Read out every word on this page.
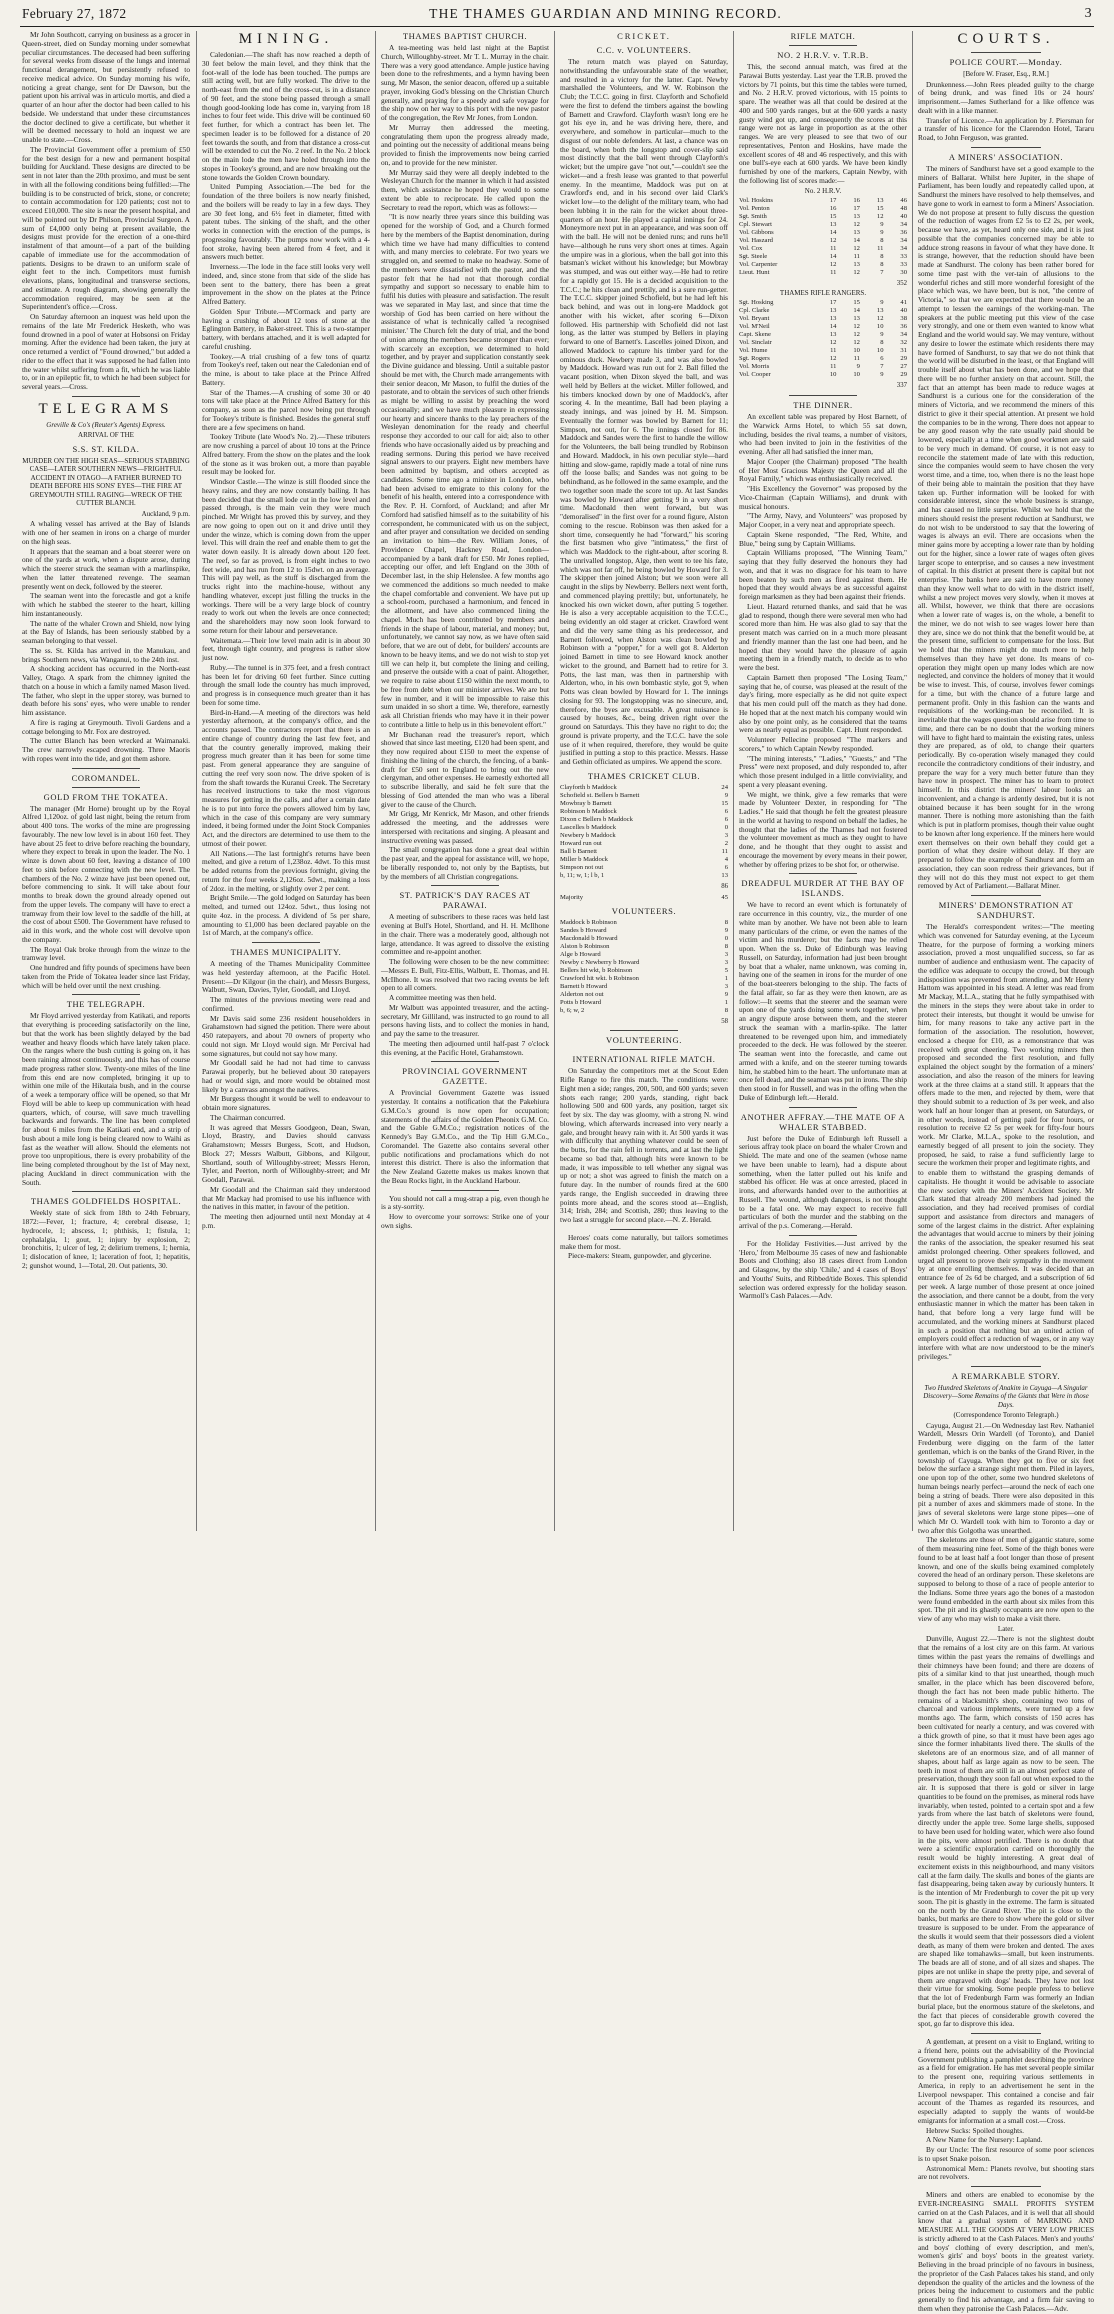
February 27, 1872	THE THAMES GUARDIAN AND MINING RECORD.	3

Mr John Southcott, carrying on business as a grocer in Queen-street, died on Sunday morning under somewhat peculiar circumstances. The deceased had been suffering for several weeks from disease of the lungs and internal functional derangement, but persistently refused to receive medical advice. On Sunday morning his wife, noticing a great change, sent for Dr Dawson, but the patient upon his arrival was in articulo mortis, and died a quarter of an hour after the doctor had been called to his bedside. We understand that under these circumstances the doctor declined to give a certificate, but whether it will be deemed necessary to hold an inquest we are unable to state.—Cross.

The Provincial Government offer a premium of £50 for the best design for a new and permanent hospital building for Auckland. These designs are directed to be sent in not later than the 20th proximo, and must be sent in with all the following conditions being fulfilled:—The building is to be constructed of brick, stone, or concrete; to contain accommodation for 120 patients; cost not to exceed £10,000. The site is near the present hospital, and will be pointed out by Dr Philson, Provincial Surgeon. A sum of £4,000 only being at present available, the designs must provide for the erection of a one-third instalment of that amount—of a part of the building capable of immediate use for the accommodation of patients. Designs to be drawn to an uniform scale of eight feet to the inch. Competitors must furnish elevations, plans, longitudinal and transverse sections, and estimate. A rough diagram, showing generally the accommodation required, may be seen at the Superintendent's office.—Cross.

On Saturday afternoon an inquest was held upon the remains of the late Mr Frederick Hesketh, who was found drowned in a pool of water at Hobsonsi on Friday morning. After the evidence had been taken, the jury at once returned a verdict of "Found drowned," but added a rider to the effect that it was supposed he had fallen into the water whilst suffering from a fit, which he was liable to, or in an epileptic fit, to which he had been subject for several years.—Cross.

TELEGRAMS
Greville & Co's (Reuter's Agents) Express.
ARRIVAL OF THE
S.S. ST. KILDA.
MURDER ON THE HIGH SEAS—SERIOUS STABBING CASE—LATER SOUTHERN NEWS—FRIGHTFUL ACCIDENT IN OTAGO—A FATHER BURNED TO DEATH BEFORE HIS SONS' EYES—THE FIRE AT GREYMOUTH STILL RAGING—WRECK OF THE CUTTER BLANCH.
Auckland, 9 p.m.

A whaling vessel has arrived at the Bay of Islands with one of her seamen in irons on a charge of murder on the high seas.

It appears that the seaman and a boat steerer were on one of the yards at work, when a dispute arose, during which the steerer struck the seaman with a marlinspike, when the latter threatened revenge. The seaman presently went on deck, followed by the steerer.

The seaman went into the forecastle and got a knife with which he stabbed the steerer to the heart, killing him instantaneously.

The natte of the whaler Crown and Shield, now lying at the Bay of Islands, has been seriously stabbed by a seaman belonging to that vessel.

The ss. St. Kilda has arrived in the Manukau, and brings Southern news, via Wanganui, to the 24th inst.

A shocking accident has occurred in the North-east Valley, Otago. A spark from the chimney ignited the thatch on a house in which a family named Mason lived. The father, who slept in the upper storey, was burned to death before his sons' eyes, who were unable to render him assistance.

A fire is raging at Greymouth. Tivoli Gardens and a cottage belonging to Mr. Fox are destroyed.

The cutter Blanch has been wrecked at Waimanaki. The crew narrowly escaped drowning. Three Maoris with ropes went into the tide, and got them ashore.

COROMANDEL.
GOLD FROM THE TOKATEA.

The manager (Mr Horne) brought up by the Royal Alfred 1,120oz. of gold last night, being the return from about 400 tons. The works of the mine are progressing favourably. The new low level is in about 160 feet. They have about 25 feet to drive before reaching the boundary, where they expect to break in upon the leader. The No. 1 winze is down about 60 feet, leaving a distance of 100 feet to sink before connecting with the new level. The chambers of the No. 2 winze have just been opened out, before commencing to sink. It will take about four months to break down the ground already opened out from the upper levels. The company will have to erect a tramway from their low level to the saddle of the hill, at the cost of about £500. The Government have refused to aid in this work, and the whole cost will devolve upon the company.

The Royal Oak broke through from the winze to the tramway level.

One hundred and fifty pounds of specimens have been taken from the Pride of Tokatea leader since last Friday, which will be held over until the next crushing.

THE TELEGRAPH.

Mr Floyd arrived yesterday from Katikati, and reports that everything is proceeding satisfactorily on the line, but that the work has been slightly delayed by the bad weather and heavy floods which have lately taken place. On the ranges where the bush cutting is going on, it has been raining almost continuously, and this has of course made progress rather slow. Twenty-one miles of the line from this end are now completed, bringing it up to within one mile of the Hikutaia bush, and in the course of a week a temporary office will be opened, so that Mr Floyd will be able to keep up communication with head quarters, which, of course, will save much travelling backwards and forwards. The line has been completed for about 6 miles from the Katikati end, and a strip of bush about a mile long is being cleared now to Waihi as fast as the weather will allow. Should the elements not prove too unpropitious, there is every probability of the line being completed throughout by the 1st of May next, placing Auckland in direct communication with the South.

THAMES GOLDFIELDS HOSPITAL.

Weekly state of sick from 18th to 24th February, 1872:—Fever, 1; fracture, 4; cerebral disease, 1; hydrocele, 1; abscess, 1; phthisis, 1; fistula, 1; cephalalgia, 1; gout, 1; injury by explosion, 2; bronchitis, 1; ulcer of leg, 2; delirium tremens, 1; hernia, 1; dislocation of knee, 1; laceration of foot, 1; hepatitis, 2; gunshot wound, 1—Total, 20. Out patients, 30.

MINING.

Caledonian.—The shaft has now reached a depth of 30 feet below the main level, and they think that the foot-wall of the lode has been touched. The pumps are still acting well, but are fully worked. The drive to the north-east from the end of the cross-cut, is in a distance of 90 feet, and the stone being passed through a small though good-looking lode has come in, varying from 18 inches to four feet wide. This drive will be continued 60 feet further, for which a contract has been let. The specimen leader is to be followed for a distance of 20 feet towards the south, and from that distance a cross-cut will be extended to cut the No. 2 reef. In the No. 2 block on the main lode the men have holed through into the stopes in Tookey's ground, and are now breaking out the stone towards the Golden Crown boundary.

United Pumping Association.—The bed for the foundation of the three boilers is now nearly finished, and the boilers will be ready to lay in a few days. They are 30 feet long, and 6½ feet in diameter, fitted with patent tubes. The sinking of the shaft, and the other works in connection with the erection of the pumps, is progressing favourably. The pumps now work with a 4-foot stroke, having been altered from 4 feet, and it answers much better.

Inverness.—The lode in the face still looks very well indeed, and, since stone from that side of the slide has been sent to the battery, there has been a great improvement in the show on the plates at the Prince Alfred Battery.

Golden Spur Tribute.—M'Cormack and party are having a crushing of about 12 tons of stone at the Eglington Battery, in Baker-street. This is a two-stamper battery, with berdans attached, and it is well adapted for careful crushing.

Tookey.—A trial crushing of a few tons of quartz from Tookey's reef, taken out near the Caledonian end of the mine, is about to take place at the Prince Alfred Battery.

Star of the Thames.—A crushing of some 30 or 40 tons will take place at the Prince Alfred Battery for this company, as soon as the parcel now being put through for Tookey's tribute is finished. Besides the general stuff there are a few specimens on hand.

Tookey Tribute (late Wood's No. 2).—These tributers are now crushing a parcel of about 10 tons at the Prince Alfred battery. From the show on the plates and the look of the stone as it was broken out, a more than payable result may be looked for.

Windsor Castle.—The winze is still flooded since the heavy rains, and they are now constantly bailing. It has been decided that the small lode cut in the low level and passed through, is the main vein they were much pinched. Mr Wright has proved this by survey, and they are now going to open out on it and drive until they under the winze, which is coming down from the upper level. This will drain the reef and enable them to get the water down easily. It is already down about 120 feet. The reef, so far as proved, is from eight inches to two feet wide, and has run from 12 to 15dwt. on an average. This will pay well, as the stuff is discharged from the trucks right into the machine-house, without any handling whatever, except just filling the trucks in the workings. There will be a very large block of country ready to work out when the levels are once connected; and the shareholders may now soon look forward to some return for their labour and perseverance.

Waitemata.—Their low level main adit is in about 30 feet, through tight country, and progress is rather slow just now.

Ruby.—The tunnel is in 375 feet, and a fresh contract has been let for driving 60 feet further. Since cutting through the small lode the country has much improved, and progress is in consequence much greater than it has been for some time.

Bird-in-Hand.—A meeting of the directors was held yesterday afternoon, at the company's office, and the accounts passed. The contractors report that there is an entire change of country during the last few feet, and that the country generally improved, making their progress much greater than it has been for some time past. From general appearance they are sanguine of cutting the reef very soon now. The drive spoken of is from the shaft towards the Kuranui Creek. The Secretary has received instructions to take the most vigorous measures for getting in the calls, and after a certain date he is to put into force the powers allowed him by law, which in the case of this company are very summary indeed, it being formed under the Joint Stock Companies Act, and the directors are determined to use them to the utmost of their power.

All Nations.—The last fortnight's returns have been melted, and give a return of 1,238oz. 4dwt. To this must be added returns from the previous fortnight, giving the return for the four weeks 2,126oz. 5dwt., making a loss of 2doz. in the melting, or slightly over 2 per cent.

Bright Smile.—The gold lodged on Saturday has been melted, and turned out 124oz. 5dwt., thus losing not quite 4oz. in the process. A dividend of 5s per share, amounting to £1,000 has been declared payable on the 1st of March, at the company's office.

THAMES MUNICIPALITY.

A meeting of the Thames Municipality Committee was held yesterday afternoon, at the Pacific Hotel. Present:—Dr Kilgour (in the chair), and Messrs Burgess, Walbutt, Swan, Davies, Tyler, Goodall, and Lloyd.

The minutes of the previous meeting were read and confirmed.

Mr Davis said some 236 resident householders in Grahamstown had signed the petition. There were about 450 ratepayers, and about 70 owners of property who could not sign. Mr Lloyd would sign. Mr Percival had some signatures, but could not say how many.

Mr Goodall said he had not had time to canvass Parawai properly, but he believed about 30 ratepayers had or would sign, and more would be obtained most likely by a canvass amongst the natives.

Mr Burgess thought it would be well to endeavour to obtain more signatures.

The Chairman concurred.

It was agreed that Messrs Goodgeon, Dean, Swan, Lloyd, Brastry, and Davies should canvass Grahamstown; Messrs Burgess, Scott, and Hudson, Block 27; Messrs Walbutt, Gibbons, and Kilgour, Shortland, south of Willoughby-street; Messrs Heron, Tyler, and Peerton, north of Willoughby-street; and Mr Goodall, Parawai.

Mr Goodall and the Chairman said they understood that Mr Mackay had promised to use his influence with the natives in this matter, in favour of the petition.

The meeting then adjourned until next Monday at 4 p.m.

THAMES BAPTIST CHURCH.

A tea-meeting was held last night at the Baptist Church, Willoughby-street. Mr T. L. Murray in the chair. There was a very good attendance. Ample justice having been done to the refreshments, and a hymn having been sung, Mr Mason, the senior deacon, offered up a suitable prayer, invoking God's blessing on the Christian Church generally, and praying for a speedy and safe voyage for the ship now on her way to this port with the new pastor of the congregation, the Rev Mr Jones, from London.

Mr Murray then addressed the meeting, congratulating them upon the progress already made, and pointing out the necessity of additional means being provided to finish the improvements now being carried on, and to provide for the new minister.

Mr Murray said they were all deeply indebted to the Wesleyan Church for the manner in which it had assisted them, which assistance he hoped they would to some extent be able to reciprocate. He called upon the Secretary to read the report, which was as follows:—

"It is now nearly three years since this building was opened for the worship of God, and a Church formed here by the members of the Baptist denomination, during which time we have had many difficulties to contend with, and many mercies to celebrate. For two years we struggled on, and seemed to make no headway. Some of the members were dissatisfied with the pastor, and the pastor felt that he had not that thorough cordial sympathy and support so necessary to enable him to fulfil his duties with pleasure and satisfaction. The result was we separated in May last, and since that time the worship of God has been carried on here without the assistance of what is technically called 'a recognised minister.' The Church felt the duty of trial, and the bond of union among the members became stronger than ever; with scarcely an exception, we determined to hold together, and by prayer and supplication constantly seek the Divine guidance and blessing. Until a suitable pastor should be met with, the Church made arrangements with their senior deacon, Mr Mason, to fulfil the duties of the pastorate, and to obtain the services of such other friends as might be willing to assist by preaching the word occasionally; and we have much pleasure in expressing our hearty and sincere thanks to the lay preachers of the Wesleyan denomination for the ready and cheerful response they accorded to our call for aid; also to other friends who have occasionally aided us by preaching and reading sermons. During this period we have received signal answers to our prayers. Eight new members have been admitted by baptism, and others accepted as candidates. Some time ago a minister in London, who had been advised to emigrate to this colony for the benefit of his health, entered into a correspondence with the Rev. P. H. Cornford, of Auckland; and after Mr Cornford had satisfied himself as to the suitability of his correspondent, he communicated with us on the subject, and after prayer and consultation we decided on sending an invitation to him—the Rev. William Jones, of Providence Chapel, Hackney Road, London—accompanied by a bank draft for £50. Mr Jones replied, accepting our offer, and left England on the 30th of December last, in the ship Helenslee. A few months ago we commenced the additions so much needed to make the chapel comfortable and convenient. We have put up a school-room, purchased a harmonium, and fenced in the allotment, and have also commenced lining the chapel. Much has been contributed by members and friends in the shape of labour, material, and money; but, unfortunately, we cannot say now, as we have often said before, that we are out of debt, for builders' accounts are known to be heavy items, and we do not wish to stop yet till we can help it, but complete the lining and ceiling, and preserve the outside with a coat of paint. Altogether, we require to raise about £150 within the next month, to be free from debt when our minister arrives. We are but few in number, and it will be impossible to raise this sum unaided in so short a time. We, therefore, earnestly ask all Christian friends who may have it in their power to contribute a little to help us in this benevolent effort."

Mr Buchanan read the treasurer's report, which showed that since last meeting, £120 had been spent, and they now required about £150 to meet the expense of finishing the lining of the church, the fencing, of a bank-draft for £50 sent to England to bring out the new clergyman, and other expenses. He earnestly exhorted all to subscribe liberally, and said he felt sure that the blessing of God attended the man who was a liberal giver to the cause of the Church.

Mr Grigg, Mr Kenrick, Mr Mason, and other friends addressed the meeting, and the addresses were interspersed with recitations and singing. A pleasant and instructive evening was passed.

The small congregation has done a great deal within the past year, and the appeal for assistance will, we hope, be liberally responded to, not only by the Baptists, but by the members of all Christian congregations.

ST. PATRICK'S DAY RACES AT PARAWAI.

A meeting of subscribers to these races was held last evening at Bull's Hotel, Shortland, and H. H. McIlhone in the chair. There was a moderately good, although not large, attendance. It was agreed to dissolve the existing committee and re-appoint another.

The following were chosen to be the new committee:—Messrs E. Bull, Fitz-Ellis, Walbutt, E. Thomas, and H. McIlhone. It was resolved that two racing events be left open to all comers.

A committee meeting was then held.

Mr Walbutt was appointed treasurer, and the acting-secretary, Mr Gilliland, was instructed to go round to all persons having lists, and to collect the monies in hand, and pay the same to the treasurer.

The meeting then adjourned until half-past 7 o'clock this evening, at the Pacific Hotel, Grahamstown.

PROVINCIAL GOVERNMENT GAZETTE.

A Provincial Government Gazette was issued yesterday. It contains a notification that the Pakehiura G.M.Co.'s ground is now open for occupation; statements of the affairs of the Golden Pheonix G.M. Co. and the Gable G.M.Co.; registration notices of the Kennedy's Bay G.M.Co., and the Tip Hill G.M.Co., Coromandel. The Gazette also contains several other public notifications and proclamations which do not interest this district. There is also the information that the New Zealand Gazette makes us makes known that the Beau Rocks light, in the Auckland Harbour.

You should not call a mug-strap a pig, even though he is a sty-sorrity.

How to overcome your sorrows: Strike one of your own sighs.

CRICKET.
C.C. v. VOLUNTEERS.

The return match was played on Saturday, notwithstanding the unfavourable state of the weather, and resulted in a victory for the latter. Capt. Newby marshalled the Volunteers, and W. W. Robinson the Club; the T.C.C. going in first. Clayforth and Schofield were the first to defend the timbers against the bowling of Barnett and Crawford. Clayforth wasn't long ere he got his eye in, and he was driving here, there, and everywhere, and somehow in particular—much to the disgust of our noble defenders. At last, a chance was on the board, when both the longstop and cover-slip said most distinctly that the ball went through Clayforth's wicket; but the umpire gave "not out,"—couldn't see the wicket—and a fresh lease was granted to that powerful enemy. In the meantime, Maddock was put on at Crawford's end, and in his second over laid Clark's wicket low—to the delight of the military team, who had been lubbing it in the rain for the wicket about three-quarters of an hour. He played a capital innings for 24. Moneymore next put in an appearance, and was soon off with the ball. He will not be denied runs; and runs he'll have—although he runs very short ones at times. Again the umpire was in a glorious, when the ball got into this batsman's wicket without his knowledge; but Mowbray was stumped, and was out either way.—He had to retire for a rapidly got 15. He is a decided acquisition to the T.C.C.; he hits clean and prettily, and is a sure run-getter. The T.C.C. skipper joined Schofield, but he had left his back behind, and was out in long-ere Maddock got another with his wicket, after scoring 6—Dixon followed. His partnership with Schofield did not last long, as the latter was stumped by Bellers in playing forward to one of Barnett's. Lascelles joined Dixon, and allowed Maddock to capture his timber yard for the ominous duck. Newbery made 3, and was also bowled by Maddock. Howard was run out for 2. Ball filled the vacant position, when Dixon skyed the ball, and was well held by Bellers at the wicket. Miller followed, and his timbers knocked down by one of Maddock's, after scoring 4. In the meantime, Ball had been playing a steady innings, and was joined by H. M. Simpson. Eventually the former was bowled by Barnett for 11; Simpson, not out, for 6. The innings closed for 86. Maddock and Sandes were the first to handle the willow for the Volunteers, the ball being trundled by Robinson and Howard. Maddock, in his own peculiar style—hard hitting and slow-game, rapidly made a total of nine runs off the loose balls; and Sandes was not going to be behindhand, as he followed in the same example, and the two together soon made the score tot up. At last Sandes was bowled by Howard after getting 9 in a very short time. Macdonald then went forward, but was "demoralised" in the first over for a round figure, Alston coming to the rescue. Robinson was then asked for a short time, consequently he had "forward," his scoring the first batsmen who give "intimatess," the first of which was Maddock to the right-about, after scoring 8. The unrivalled longstop, Alge, then went to tee his fate, which was not far off, he being bowled by Howard for 3. The skipper then joined Alston; but we soon were all caught in the slips by Newberry. Bellers next went forth, and commenced playing prettily; but, unfortunately, he knocked his own wicket down, after putting 5 together. He is also a very acceptable acquisition to the T.C.C., being evidently an old stager at cricket. Crawford went and did the very same thing as his predecessor, and Barnett followed, when Alston was clean bowled by Robinson with a "popper," for a well got 8. Alderton joined Barnett in time to see Howard knock another wicket to the ground, and Barnett had to retire for 3. Potts, the last man, was then in partnership with Alderton, who, in his own bombastic style, got 9, when Potts was clean bowled by Howard for 1. The innings closing for 93. The longstopping was no sinecure, and, therefore, the byes are excusable. A great nuisance is caused by houses, &c., being driven right over the ground on Saturdays. This they have no right to do; the ground is private property, and the T.C.C. have the sole use of it when required, therefore, they would be quite justified in putting a stop to this practice. Messrs. Hasse and Gethin officiated as umpires. We append the score.

THAMES CRICKET CLUB.
Clayforth b Maddock	24
Schofield st. Bellers b Barnett	9
Mowbray b Barnett	15
Robinson b Maddock	6
Dixon c Bellers b Maddock	6
Lascelles b Maddock	0
Newbery b Maddock	3
Howard run out	2
Ball b Barnett	11
Miller b Maddock	4
Simpson not out	6
b, 11; w, 1; l b, 1	13
86
Majority	45
VOLUNTEERS.
Maddock b Robinson	8
Sandes b Howard	9
Macdonald b Howard	0
Alston b Robinson	8
Alge b Howard	3
Newby c Newberry b Howard	3
Bellers hit wkt, b Robinson	5
Crawford hit wkt. b Robinson	1
Barnett b Howard	3
Alderton not out	9
Potts b Howard	1
b, 6; w, 2	8
58
VOLUNTEERING.
INTERNATIONAL RIFLE MATCH.

On Saturday the competitors met at the Scout Eden Rifle Range to fire this match. The conditions were: Eight men a side; ranges, 200, 500, and 600 yards; seven shots each range; 200 yards, standing, right back hollowing 500 and 600 yards, any position, target six feet by six. The day was gloomy, with a strong N. wind blowing, which afterwards increased into very nearly a gale, and brought heavy rain with it. At 500 yards it was with difficulty that anything whatever could be seen of the butts, for the rain fell in torrents, and at last the light became so bad that, although hits were known to be made, it was impossible to tell whether any signal was up or not; a shot was agreed to finish the match on a future day. In the number of rounds fired at the 600 yards range, the English succeeded in drawing three points more ahead, and the scores stood at—English, 314; Irish, 284; and Scottish, 280; thus leaving to the two last a struggle for second place.—N. Z. Herald.

Heroes' coats come naturally, but tailors sometimes make them for most.

Piece-makers: Steam, gunpowder, and glycerine.

RIFLE MATCH.
NO. 2 H.R.V. v. T.R.B.

This, the second annual match, was fired at the Parawai Butts yesterday. Last year the T.R.B. proved the victors by 71 points, but this time the tables were turned, and No. 2 H.R.V. proved victorious, with 15 points to spare. The weather was all that could be desired at the 400 and 500 yards ranges, but at the 600 yards a nasty gusty wind got up, and consequently the scores at this range were not as large in proportion as at the other ranges. We are very pleased to see that two of our representatives, Penton and Hoskins, have made the excellent scores of 48 and 46 respectively, and this with one bull's-eye each at 600 yards. We have been kindly furnished by one of the markers, Captain Newby, with the following list of scores made:—

No. 2 H.R.V.
Vol. Hoskins	17	16	13	46
Vol. Penton	16	17	15	48
Sgt. Smith	15	13	12	40
Cpl. Stewart	13	12	9	34
Vol. Gibbons	14	13	9	36
Vol. Haszard	12	14	8	34
Vol. Cox	11	12	11	34
Sgt. Steele	14	11	8	33
Vol. Carpenter	12	13	8	33
Lieut. Hunt	11	12	7	30
352
THAMES RIFLE RANGERS.
Sgt. Hosking	17	15	9	41
Cpl. Clarke	13	14	13	40
Vol. Bryant	13	13	12	38
Vol. M'Neil	14	12	10	36
Capt. Skene	13	12	9	34
Vol. Sinclair	12	12	8	32
Vol. Hume	11	10	10	31
Sgt. Rogers	12	11	6	29
Vol. Morris	11	9	7	27
Vol. Cooper	10	10	9	29
337
THE DINNER.

An excellent table was prepared by Host Barnett, of the Warwick Arms Hotel, to which 55 sat down, including, besides the rival teams, a number of visitors, who had been invited to join in the festivities of the evening. After all had satisfied the inner man,

Major Cooper (the Chairman) proposed "The health of Her Most Gracious Majesty the Queen and all the Royal Family," which was enthusiastically received.

"His Excellency the Governor" was proposed by the Vice-Chairman (Captain Williams), and drunk with musical honours.

"The Army, Navy, and Volunteers" was proposed by Major Cooper, in a very neat and appropriate speech.

Captain Skene responded, "The Red, White, and Blue," being sung by Captain Williams.

Captain Williams proposed, "The Winning Team," saying that they fully deserved the honours they had won, and that it was no disgrace for his team to have been beaten by such men as fired against them. He hoped that they would always be as successful against foreign marksmen as they had been against their friends.

Lieut. Hazard returned thanks, and said that he was glad to respond, though there were several men who had scored more than him. He was also glad to say that the present match was carried on in a much more pleasant and friendly manner than the last one had been, and he hoped that they would have the pleasure of again meeting them in a friendly match, to decide as to who were the best.

Captain Barnett then proposed "The Losing Team," saying that he, of course, was pleased at the result of the day's firing, more especially as he did not quite expect that his men could pull off the match as they had done. He hoped that at the next match his company would win also by one point only, as he considered that the teams were as nearly equal as possible. Capt. Hunt responded.

Volunteer Pellecine proposed "The markers and scorers," to which Captain Newby responded.

"The mining interests," "Ladies," "Guests," and "The Press" were next proposed, and duly responded to, after which those present indulged in a little conviviality, and spent a very pleasant evening.

We might, we think, give a few remarks that were made by Volunteer Dexter, in responding for "The Ladies." He said that though he felt the greatest pleasure in the world at having to respond on behalf the ladies, he thought that the ladies of the Thames had not fostered the volunteer movement as much as they ought to have done, and he thought that they ought to assist and encourage the movement by every means in their power, whether by offering prizes to be shot for, or otherwise.

DREADFUL MURDER AT THE BAY OF ISLANDS.

We have to record an event which is fortunately of rare occurrence in this country, viz., the murder of one white man by another. We have not been able to learn many particulars of the crime, or even the names of the victim and his murderer; but the facts may be relied upon. When the ss. Duke of Edinburgh was leaving Russell, on Saturday, information had just been brought by boat that a whaler, name unknown, was coming in, having one of the seamen in irons for the murder of one of the boat-steerers belonging to the ship. The facts of the fatal affair, so far as they were then known, are as follow:—It seems that the steerer and the seaman were upon one of the yards doing some work together, when an angry dispute arose between them, and the steerer struck the seaman with a marlin-spike. The latter threatened to be revenged upon him, and immediately proceeded to the deck. He was followed by the steerer. The seaman went into the forecastle, and came out armed with a knife, and on the steerer turning towards him, he stabbed him to the heart. The unfortunate man at once fell dead, and the seaman was put in irons. The ship then stood in for Russell, and was in the offing when the Duke of Edinburgh left.—Herald.

ANOTHER AFFRAY.—THE MATE OF A WHALER STABBED.

Just before the Duke of Edinburgh left Russell a serious affray took place on board the whaler Crown and Shield. The mate and one of the seamen (whose name we have been unable to learn), had a dispute about something, when the latter pulled out his knife and stabbed his officer. He was at once arrested, placed in irons, and afterwards handed over to the authorities at Russell. The wound, although dangerous, is not thought to be a fatal one. We may expect to receive full particulars of both the murder and the stabbing on the arrival of the p.s. Comerang.—Herald.

For the Holiday Festivities.—Just arrived by the 'Hero,' from Melbourne 35 cases of new and fashionable Boots and Clothing; also 18 cases direct from London and Glasgow, by the ship 'Chile,' and 4 cases of Boys' and Youths' Suits, and Ribbed/tide Boxes. This splendid selection was ordered expressly for the holiday season. Warmoll's Cash Palaces.—Adv.

COURTS.
POLICE COURT.—Monday.
[Before W. Fraser, Esq., R.M.]

Drunkenness.—John Rees pleaded guilty to the charge of being drunk, and was fined 10s or 24 hours' imprisonment.—James Sutherland for a like offence was dealt with in a like manner.

Transfer of Licence.—An application by J. Piersman for a transfer of his licence for the Clarendon Hotel, Tararu Road, to John Ferguson, was granted.

A MINERS' ASSOCIATION.

The miners of Sandhurst have set a good example to the miners of Ballarat. Whilst here Jupiter, in the shape of Parliament, has been loudly and repeatedly called upon, at Sandhurst the miners have resolved to help themselves, and have gone to work in earnest to form a Miners' Association. We do not propose at present to fully discuss the question of the reduction of wages from £2 5s to £2 2s, per week, because we have, as yet, heard only one side, and it is just possible that the companies concerned may be able to adduce strong reasons in favour of what they have done. It is strange, however, that the reduction should have been made at Sandhurst. The colony has been rather bored for some time past with the ver-tain of allusions to the wonderful riches and still more wonderful foresight of the place which was, we have been, but is not, "the centre of Victoria," so that we are expected that there would be an attempt to lessen the earnings of the working-man. The speakers at the public meeting put this view of the case very strongly, and one or them even wanted to know what England and the world would say. We may venture, without any desire to lower the estimate which residents there may have formed of Sandhurst, to say that we do not think that the world will be disturbed in the least, or that England will trouble itself about what has been done, and we hope that there will be no further anxiety on that account. Still, the fact that an attempt has been made to reduce wages at Sandhurst is a curious one for the consideration of the miners of Victoria, and we recommend the miners of this district to give it their special attention. At present we hold the companies to be in the wrong. There does not appear to be any good reason why the rate usually paid should be lowered, especially at a time when good workmen are said to be very much in demand. Of course, it is not easy to reconcile the statement made of late with this reduction, since the companies would seem to have chosen the very worst time, and a time, too, when there is no the least hope of their being able to maintain the position that they have taken up. Further information will be looked for with considerable interest, since the whole business is strange, and has caused no little surprise. Whilst we hold that the miners should resist the present reduction at Sandhurst, we do not wish to be understood to say that the lowering of wages is always an evil. There are occasions when the miner gains more by accepting a lower rate than by holding out for the higher, since a lower rate of wages often gives larger scope to enterprise, and so causes a new investment of capital. In this district at present there is capital but not enterprise. The banks here are said to have more money than they know well what to do with in the district itself, whilst a new project moves very slowly, when it moves at all. Whilst, however, we think that there are occasions when a lower rate of wages is, on the whole, a benefit to the miner, we do not wish to see wages lower here than they are, since we do not think that the benefit would be, at the present time, sufficient to compensate for the loss. But we hold that the miners might do much more to help themselves than they have yet done. Its means of co-operation they might open up many lodes which are now neglected, and convince the holders of money that it would be wise to invest. This, of course, involves fewer comings for a time, but with the chance of a future large and permanent profit. Only in this fashion can the wants and requisitions of the working-man be reconciled. It is inevitable that the wages question should arise from time to time, and there can be no doubt that the working miners will have to fight hard to maintain the existing rates, unless they are prepared, as of old, to change their quarters periodically. By co-operation wisely managed they could reconcile the contradictory conditions of their industry, and prepare the way for a very much better future than they have now in prospect. The miner has to learn to protect himself. In this district the miners' labour looks an inconvenient, and a change is ardently desired, but it is not obtained because it has been sought for in the wrong manner. There is nothing more astonishing than the faith which is put in platform promises, though their value ought to be known after long experience. If the miners here would exert themselves on their own behalf they could get a portion of what they desire without delay. If they are prepared to follow the example of Sandhurst and form an association, they can soon redress their grievances, but if they will not do this they must not expect to get them removed by Act of Parliament.—Ballarat Miner.

MINERS' DEMONSTRATION AT SANDHURST.

The Herald's correspondent writes:—"The meeting which was convened for Saturday evening, at the Lyceum Theatre, for the purpose of forming a working miners association, proved a most unqualified success, so far as number of audience and enthusiasm went. The capacity of the edifice was adequate to occupy the crowd, but through indisposition was prevented from attending, and Mr Henry Hattom was appointed in his stead. A letter was read from Mr Mackay, M.L.A., stating that he fully sympathised with the miners in the steps they were about take in order to protect their interests, but thought it would be unwise for him, for many reasons to take any active part in the formation of the association. The resolution, however, enclosed a cheque for £10, as a remonstrance that was received with great cheering. Two working miners then proposed and seconded the first resolution, and fully explained the object sought by the formation of a miners' association, and also the reason of the miners for leaving work at the three claims at a stand still. It appears that the offers made to the men, and rejected by them, were that they should submit to a reduction of 3s per week, and also work half an hour longer than at present, on Saturdays, or in other words, instead of getting paid for four hours, or resolution to receive £2 5s per week for fifty-four hours work. Mr Clarke, M.L.A., spoke to the resolution, and earnestly begged of all present to join the society. They proposed, he said, to raise a fund sufficiently large to secure the workmen their proper and legitimate rights, and

to enable them to withstand the grasping demands of capitalists. He thought it would be advisable to associate the new society with the Miners' Accident Society. Mr Clark stated that already 200 members had joined the association, and they had received promises of cordial support and assistance from directors and managers of some of the largest claims in the district. After explaining the advantages that would accrue to miners by their joining the ranks of the association, the speaker resumed his seat amidst prolonged cheering. Other speakers followed, and urged all present to prove their sympathy in the movement by at once enrolling themselves. It was decided that an entrance fee of 2s 6d be charged, and a subscription of 6d per week. A large number of those present at once joined the association, and there cannot be a doubt, from the very enthusiastic manner in which the matter has been taken in hand, that before long a very large fund will be accumulated, and the working miners at Sandhurst placed in such a position that nothing but an united action of employers could effect a reduction of wages, or in any way interfere with what are now understood to be the miner's privileges."

A REMARKABLE STORY.
Two Hundred Skeletons of Anakim in Cayuga—A Singular Discovery—Some Remains of the Giants that Were in those Days.
(Correspondence Toronto Telegraph.)

Cayuga, August 21.—On Wednesday last Rev. Nathaniel Wardell, Messrs Orin Wardell (of Toronto), and Daniel Fredenburg were digging on the farm of the latter gentleman, which is on the banks of the Grand River, in the township of Cayuga. When they got to five or six feet below the surface a strange sight met them. Piled in layers, one upon top of the other, some two hundred skeletons of human beings nearly perfect—around the neck of each one being a string of beads. There were also deposited in this pit a number of axes and skimmers made of stone. In the jaws of several skeletons were large stone pipes—one of which Mr O. Wardell took with him to Toronto a day or two after this Golgotha was unearthed.

The skeletons are those of men of gigantic stature, some of them measuring nine feet. Some of the thigh bones were found to be at least half a foot longer than those of present known, and one of the skulls being examined completely covered the head of an ordinary person. These skeletons are supposed to belong to those of a race of people anterior to the Indians. Some three years ago the bones of a mastodon were found embedded in the earth about six miles from this spot. The pit and its ghastly occupants are now open to the view of any who may wish to make a visit there.

Later.

Dunville, August 22.—There is not the slightest doubt that the remains of a lost city are on this farm. At various times within the past years the remains of dwellings and their chimneys have been found; and there are dozens of pits of a similar kind to that just unearthed, though much smaller, in the place which has been discovered before, though the fact has not been made public hitherto. The remains of a blacksmith's shop, containing two tons of charcoal and various implements, were turned up a few months ago. The farm, which consists of 150 acres has been cultivated for nearly a century, and was covered with a thick growth of pine, so that it must have been ages ago since the former inhabitants lived there. The skulls of the skeletons are of an enormous size, and of all manner of shapes, about half as large again as now to be seen. The teeth in most of them are still in an almost perfect state of preservation, though they soon fall out when exposed to the air. It is supposed that there is gold or silver in large quantities to be found on the premises, as mineral rods have invariably, when tested, pointed to a certain spot and a few yards from where the last batch of skeletons were found, directly under the apple tree. Some large shells, supposed to have been used for holding water, which were also found in the pits, were almost petrified. There is no doubt that were a scientific exploration carried on thoroughly the result would be highly interesting. A great deal of excitement exists in this neighbourhood, and many visitors call at the farm daily. The skulls and bones of the giants are fast disappearing, being taken away by curiously hunters. It is the intention of Mr Fredenburgh to cover the pit up very soon. The pit is ghastly in the extreme. The farm is situated on the north by the Grand River. The pit is close to the banks, but marks are there to show where the gold or silver treasure is supposed to be under. From the appearance of the skulls it would seem that their possessors died a violent death, as many of them were broken and dented. The axes are shaped like tomahawks—small, but keen instruments. The beads are all of stone, and of all sizes and shapes. The pipes are not unlike in shape the pretty pipe, and several of them are engraved with dogs' heads. They have not lost their virtue for smoking. Some people profess to believe that the lot of Fredenburgh Farm was formerly an Indian burial place, but the enormous stature of the skeletons, and the fact that pieces of considerable growth covered the spot, go far to disprove this idea.

A gentleman, at present on a visit to England, writing to a friend here, points out the advisability of the Provincial Government publishing a pamphlet describing the province as a field for emigration. He has met several people similar to the present one, requiring various settlements in America, in reply to an advertisement he sent in the Liverpool newspaper. This contained a concise and fair account of the Thames as regarded its resources, and especially adapted to supply the wants of would-be emigrants for information at a small cost.—Cross.

Hebrew Sucks: Spoiled thoughts.

A New Name for the Nursery: Lapland.

By our Uncle: The first resource of some poor sciences is to upset Snake poison.

Astronomical Mem.: Planets revolve, but shooting stars are not revolvers.

Miners and others are enabled to economise by the EVER-INCREASING SMALL PROFITS SYSTEM carried on at the Cash Palaces, and it is well that all should know that a gradual system of MARKING AND MEASURE ALL THE GOODS AT VERY LOW PRICES is strictly adhered to at the Cash Palaces. Men's and youths' and boys' clothing of every description, and men's, women's girls' and boys' boots in the greatest variety. Believing in the broad principle of no favours in business, the proprietor of the Cash Palaces takes his stand, and only dependson the quality of the articles and the lowness of the prices being the inducement to customers and the public generally to find his advantage, and a firm fair saving to them when they patronise the Cash Palaces.—Adv.
